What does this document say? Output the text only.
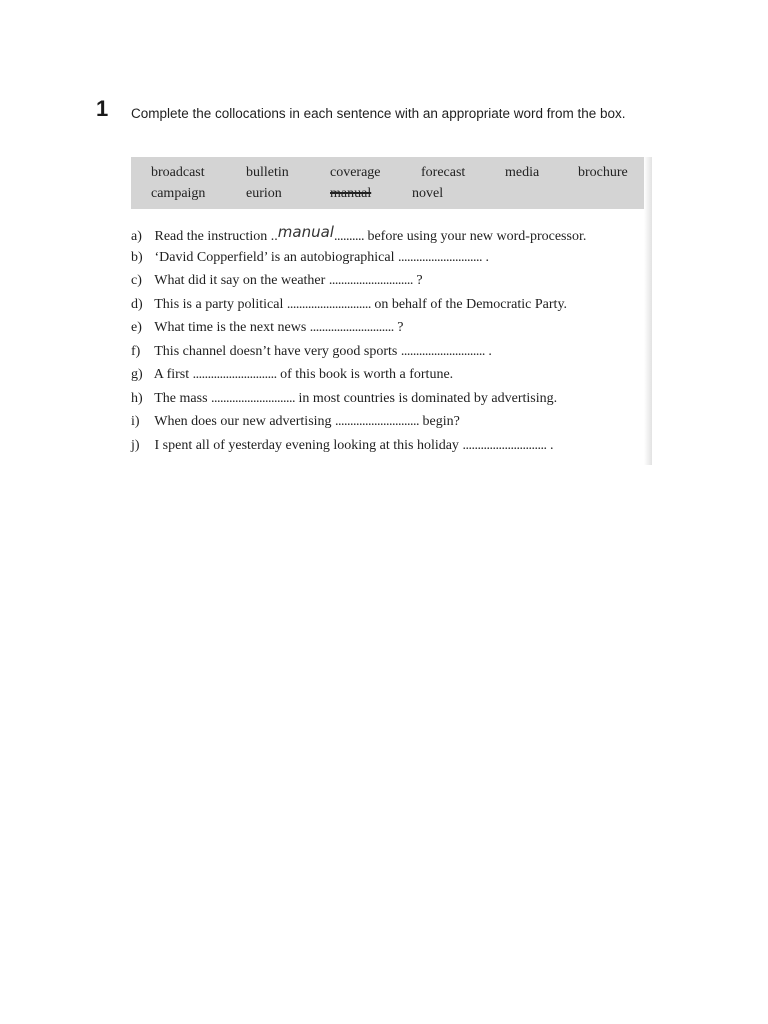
1 Complete the collocations in each sentence with an appropriate word from the box.
broadcast	bulletin	coverage	forecast	media	brochure
campaign	eurion	manual	novel
a) Read the instruction ..manual.......... before using your new word-processor.
b) ‘David Copperfield’ is an autobiographical ............................ .
c) What did it say on the weather ............................ ?
d) This is a party political ............................ on behalf of the Democratic Party.
e) What time is the next news ............................ ?
f) This channel doesn’t have very good sports ............................ .
g) A first ............................ of this book is worth a fortune.
h) The mass ............................ in most countries is dominated by advertising.
i) When does our new advertising ............................ begin?
j) I spent all of yesterday evening looking at this holiday ............................ .
